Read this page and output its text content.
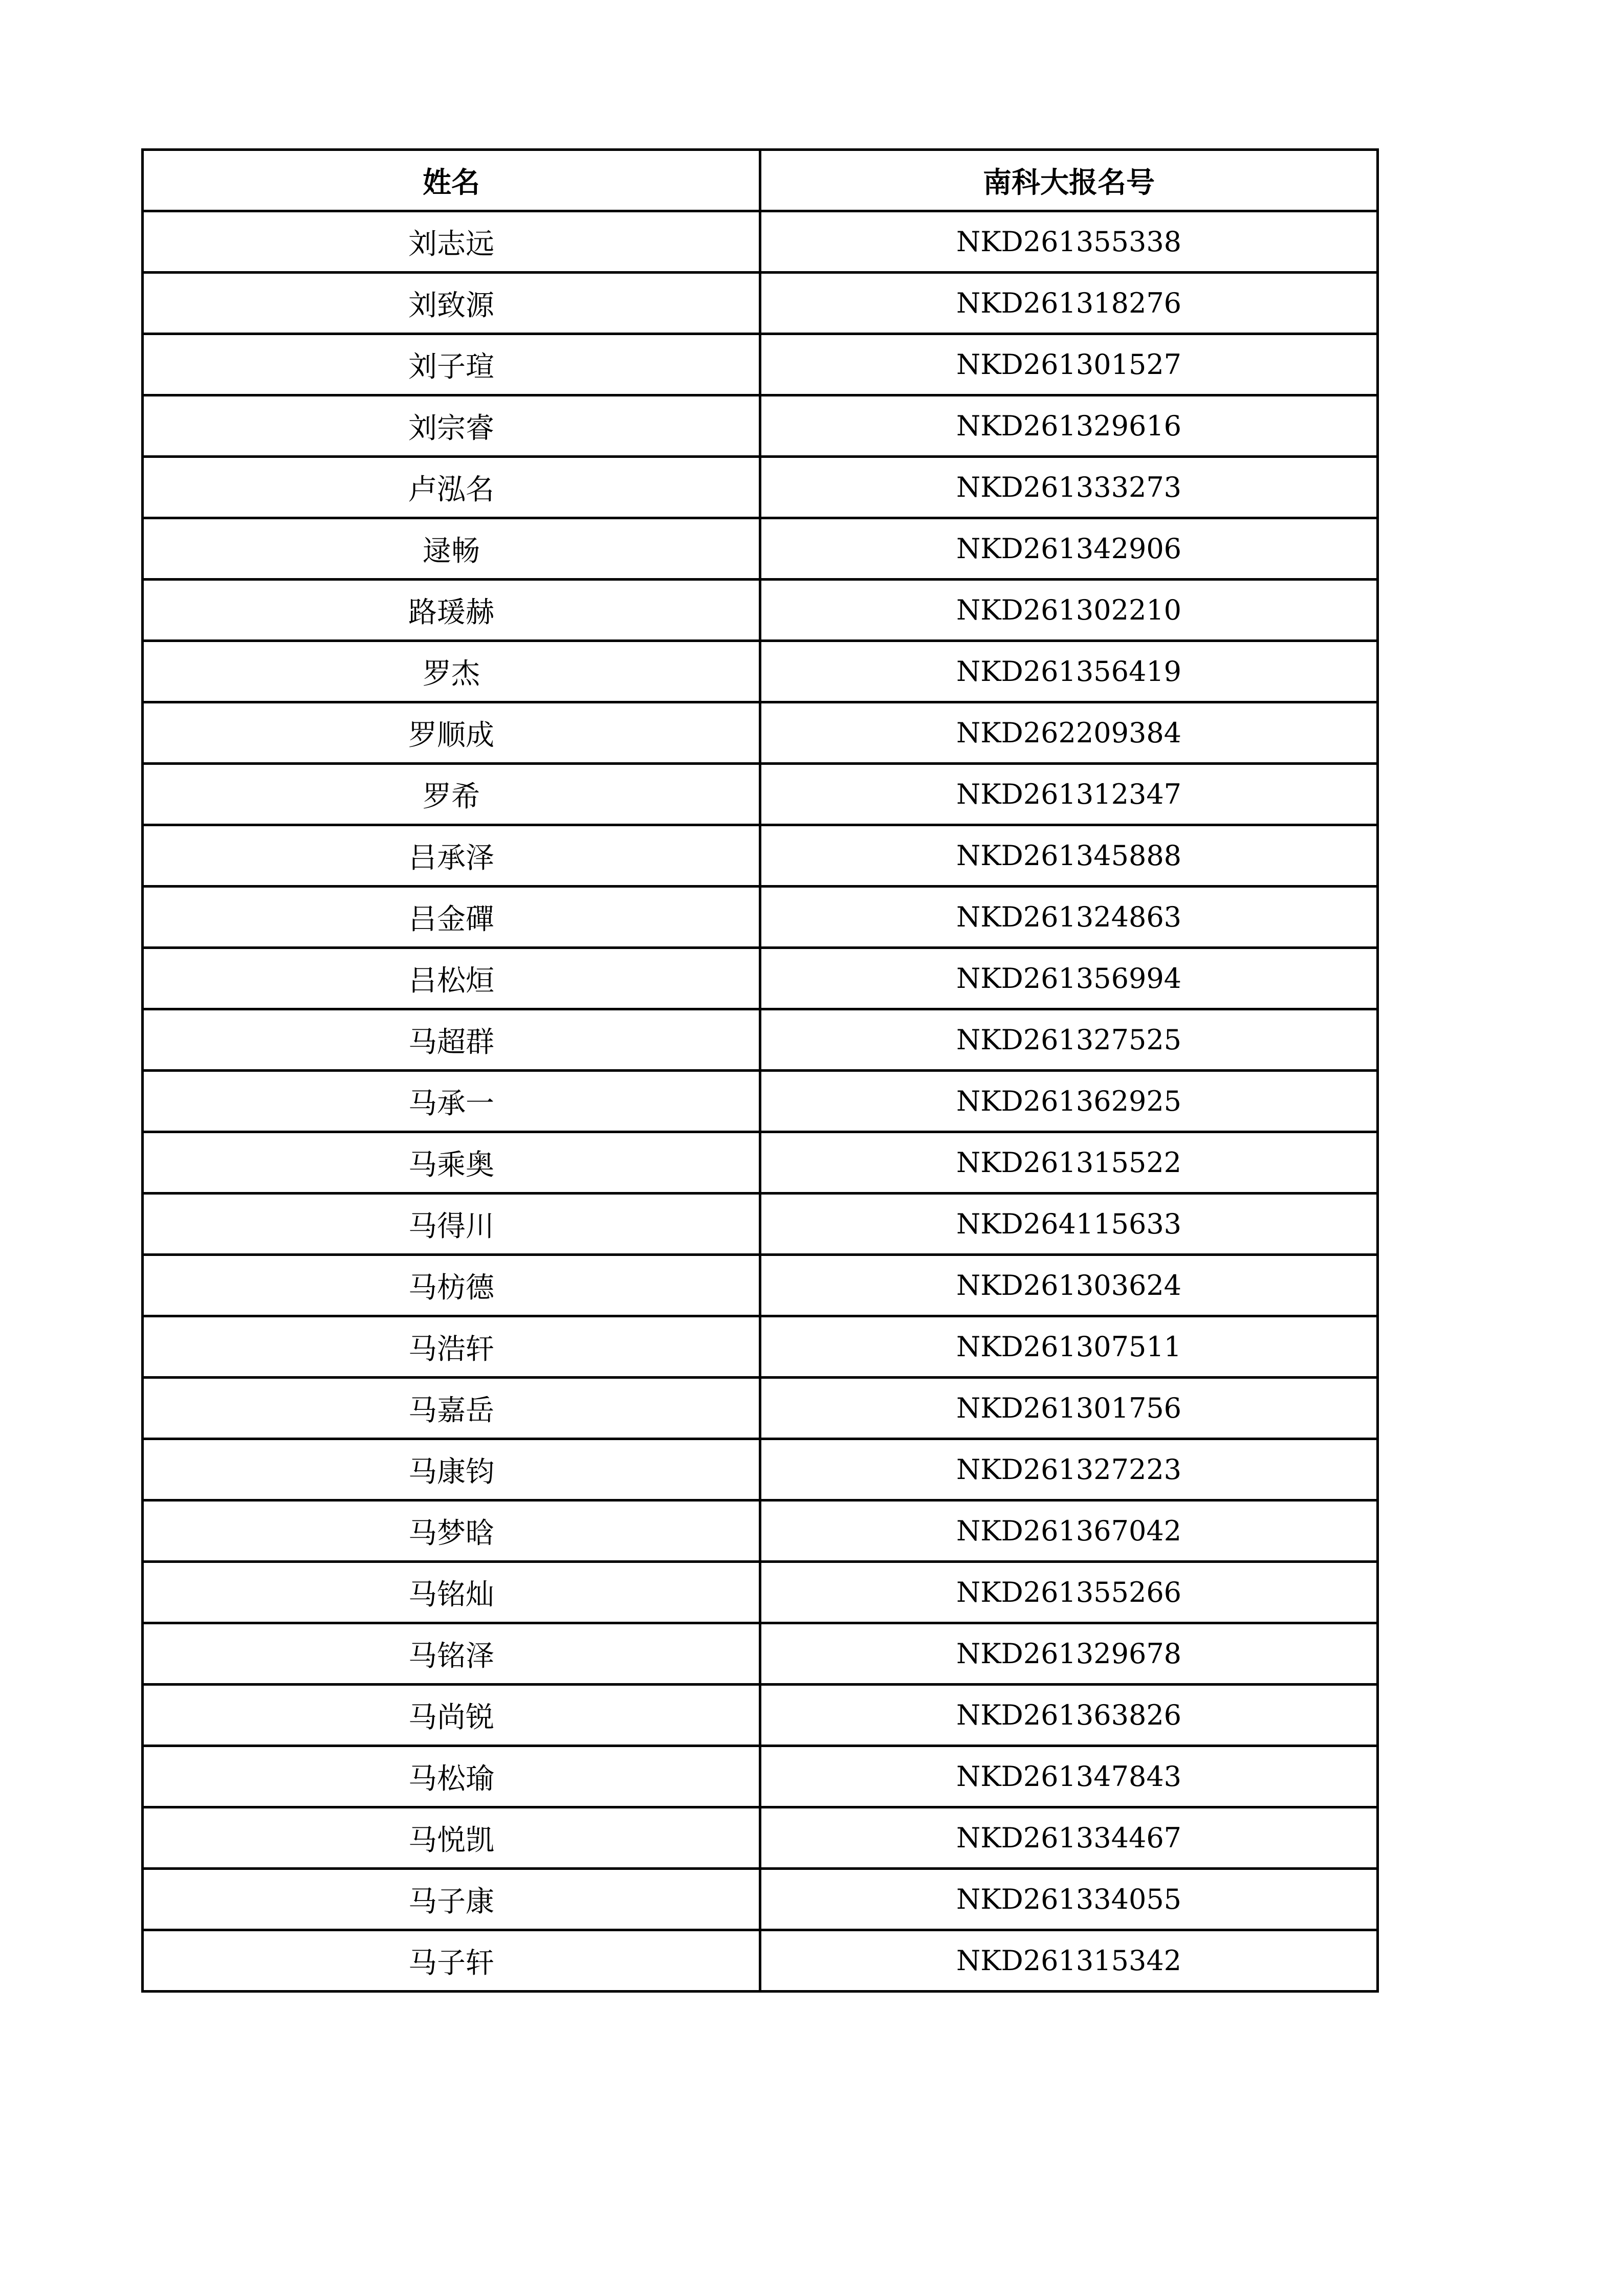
姓名	南科大报名号
刘志远	NKD261355338
刘致源	NKD261318276
刘子瑄	NKD261301527
刘宗睿	NKD261329616
卢泓名	NKD261333273
逯畅	NKD261342906
路瑗赫	NKD261302210
罗杰	NKD261356419
罗顺成	NKD262209384
罗希	NKD261312347
吕承泽	NKD261345888
吕金磾	NKD261324863
吕松烜	NKD261356994
马超群	NKD261327525
马承一	NKD261362925
马乘奥	NKD261315522
马得川	NKD264115633
马枋德	NKD261303624
马浩轩	NKD261307511
马嘉岳	NKD261301756
马康钧	NKD261327223
马梦晗	NKD261367042
马铭灿	NKD261355266
马铭泽	NKD261329678
马尚锐	NKD261363826
马松瑜	NKD261347843
马悦凯	NKD261334467
马子康	NKD261334055
马子轩	NKD261315342
